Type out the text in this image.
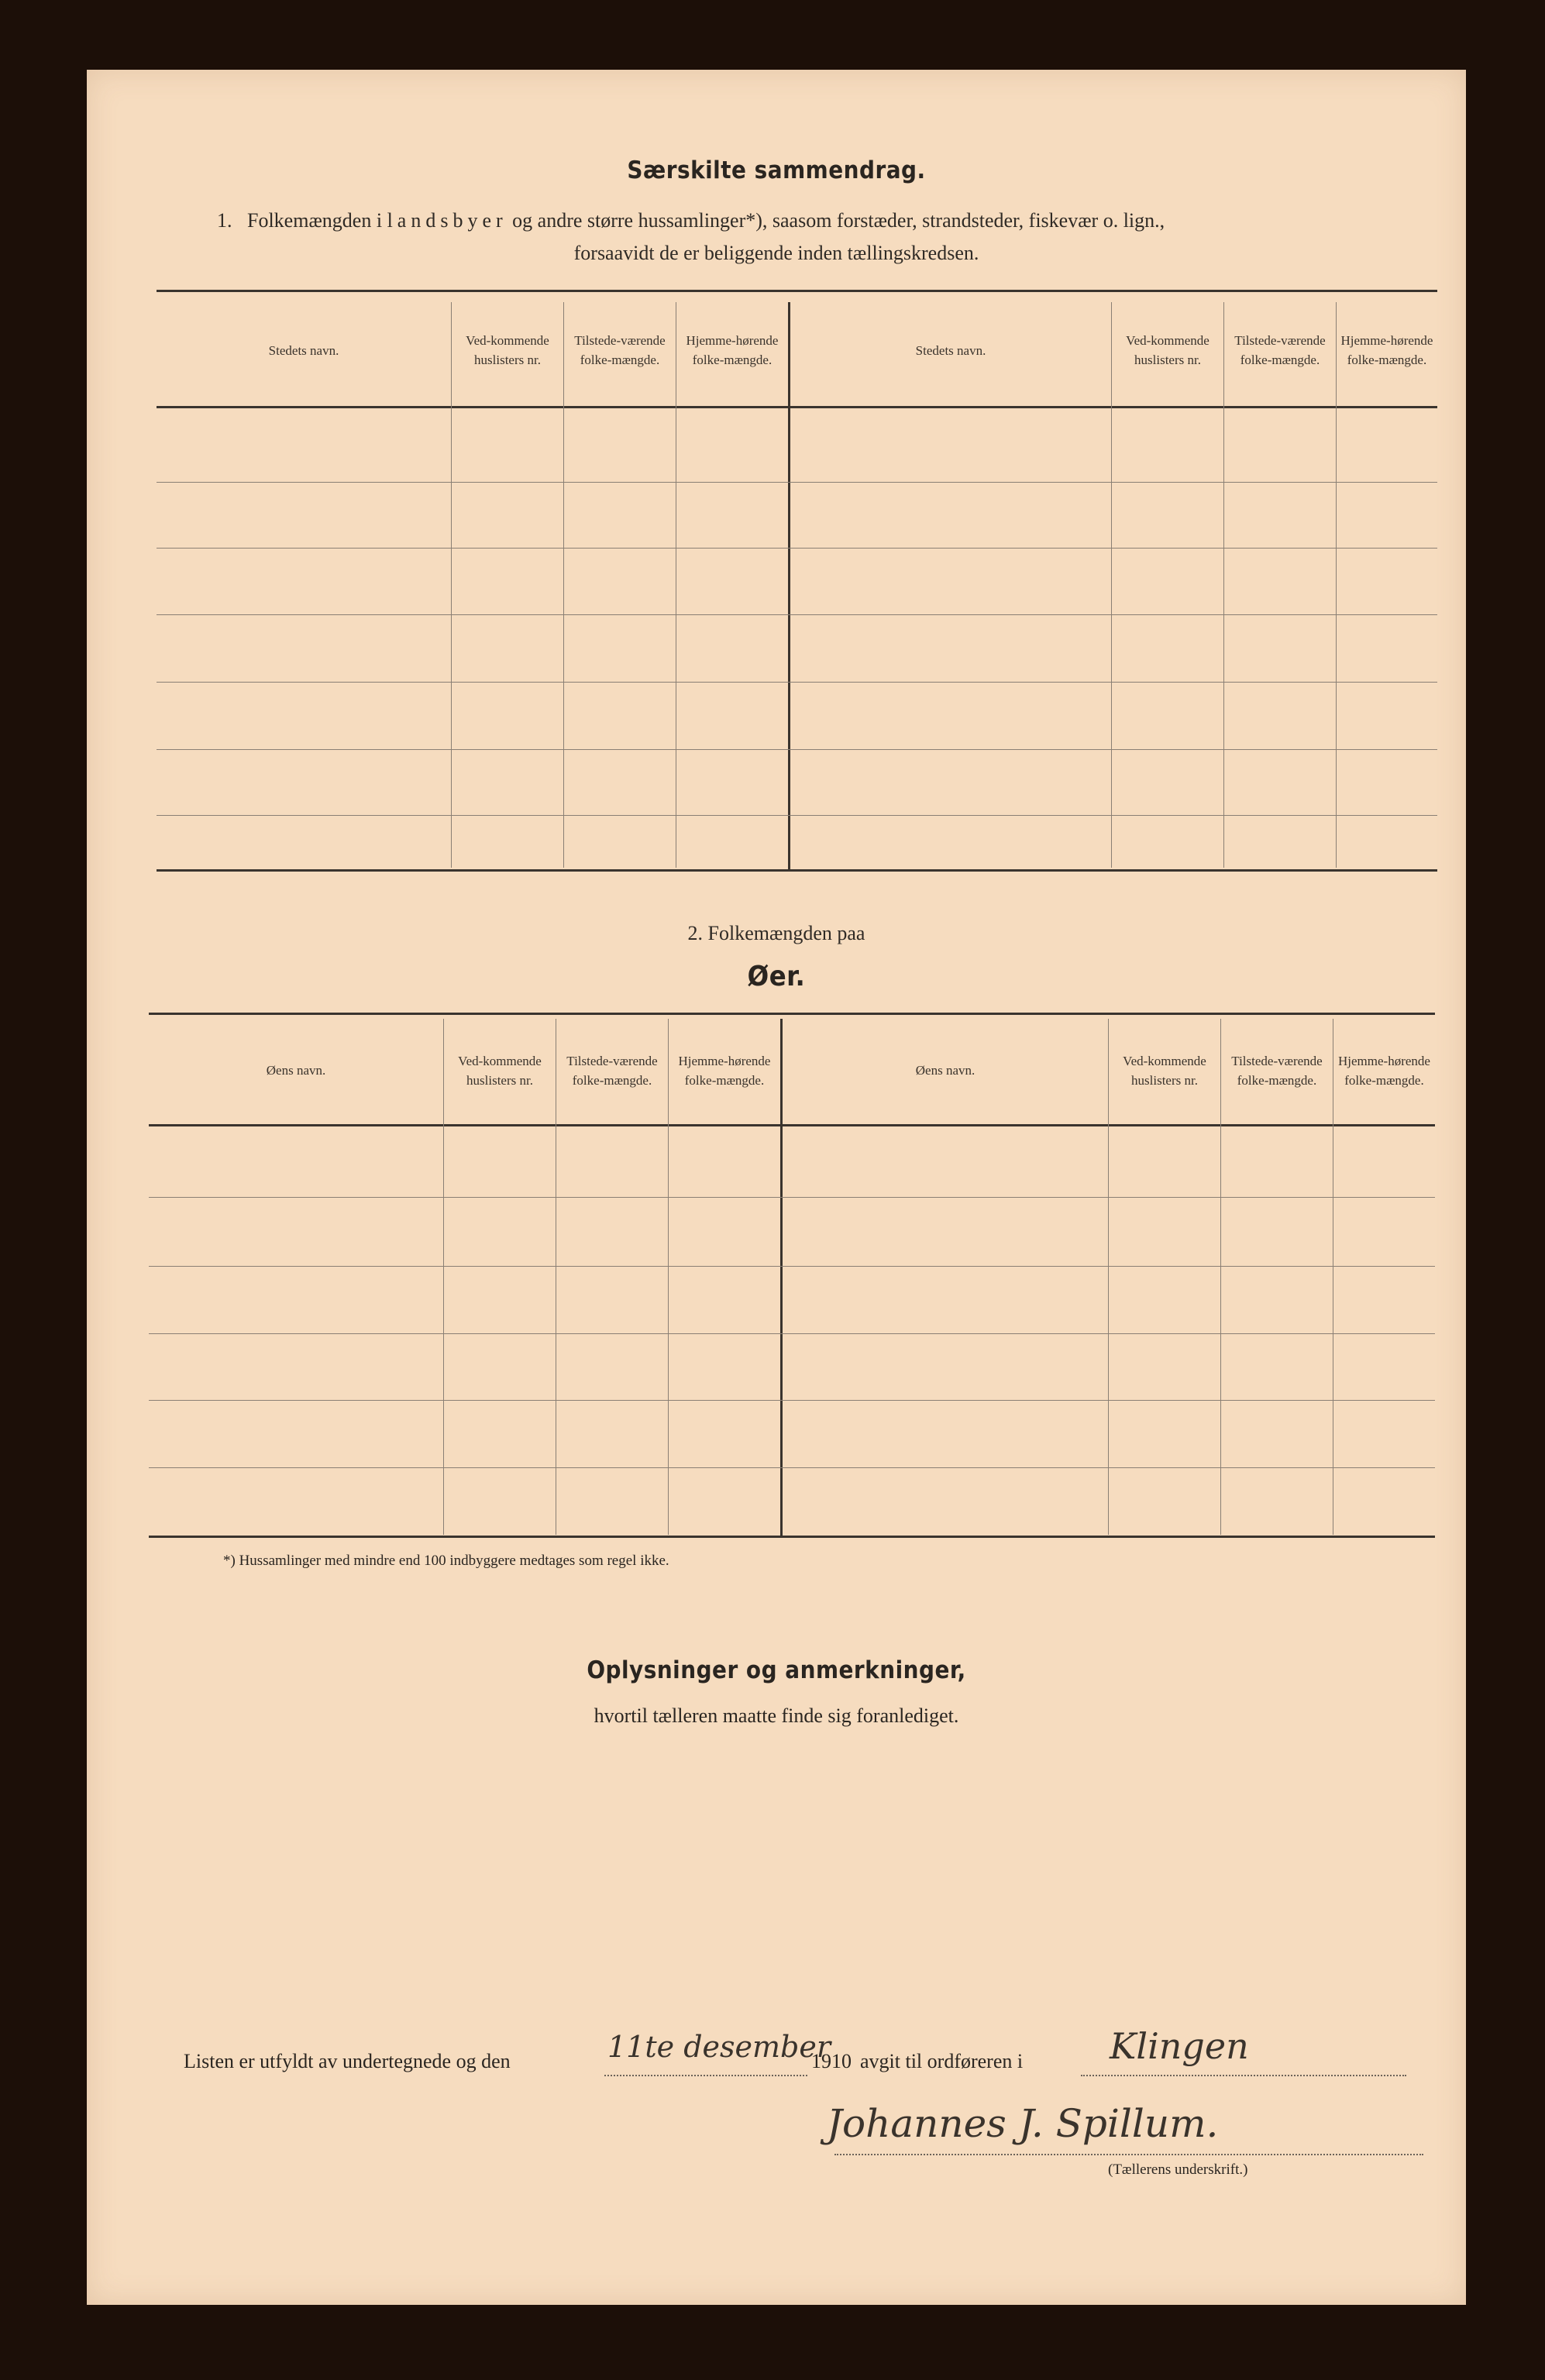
Særskilte sammendrag.
1. Folkemængden i landsbyer og andre større hussamlinger*), saasom forstæder, strandsteder, fiskevær o. lign.,
forsaavidt de er beliggende inden tællingskredsen.
Stedets navn.
Ved-kommende huslisters nr.
Tilstede-værende folke-mængde.
Hjemme-hørende folke-mængde.
Stedets navn.
Ved-kommende huslisters nr.
Tilstede-værende folke-mængde.
Hjemme-hørende folke-mængde.
2. Folkemængden paa
Øer.
Øens navn.
Ved-kommende huslisters nr.
Tilstede-værende folke-mængde.
Hjemme-hørende folke-mængde.
Øens navn.
Ved-kommende huslisters nr.
Tilstede-værende folke-mængde.
Hjemme-hørende folke-mængde.
*) Hussamlinger med mindre end 100 indbyggere medtages som regel ikke.
Oplysninger og anmerkninger,
hvortil tælleren maatte finde sig foranlediget.
Listen er utfyldt av undertegnede og den	11te desember
1910 avgit til ordføreren i Klingen
Johannes J. Spillum.
(Tællerens underskrift.)
